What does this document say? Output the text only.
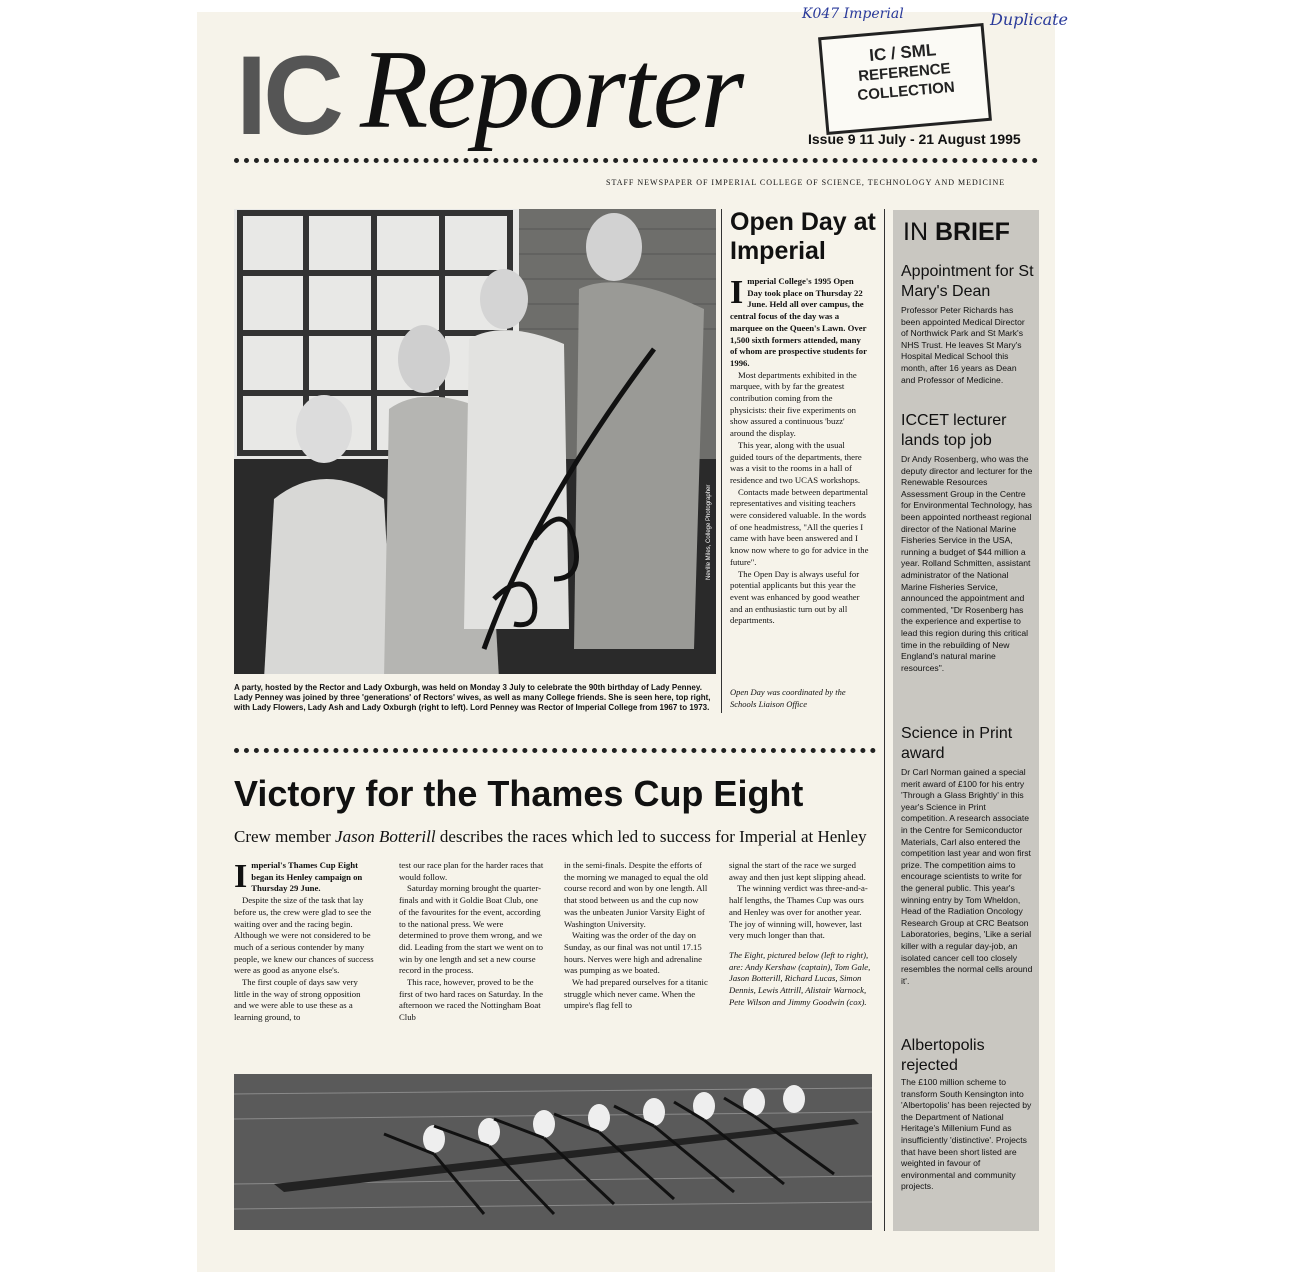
K047 Imperial	Duplicate
IC Reporter	IC / SML
REFERENCE
COLLECTION
Issue 9 11 July - 21 August 1995
STAFF NEWSPAPER OF IMPERIAL COLLEGE OF SCIENCE, TECHNOLOGY AND MEDICINE
Neville Miles, College Photographer
A party, hosted by the Rector and Lady Oxburgh, was held on Monday 3 July to celebrate the 90th birthday of Lady Penney. Lady Penney was joined by three 'generations' of Rectors' wives, as well as many College friends. She is seen here, top right, with Lady Flowers, Lady Ash and Lady Oxburgh (right to left). Lord Penney was Rector of Imperial College from 1967 to 1973.
Open Day at Imperial

Imperial College's 1995 Open Day took place on Thursday 22 June. Held all over campus, the central focus of the day was a marquee on the Queen's Lawn. Over 1,500 sixth formers attended, many of whom are prospective students for 1996.

Most departments exhibited in the marquee, with by far the greatest contribution coming from the physicists: their five experiments on show assured a continuous 'buzz' around the display.

This year, along with the usual guided tours of the departments, there was a visit to the rooms in a hall of residence and two UCAS workshops.

Contacts made between departmental representatives and visiting teachers were considered valuable. In the words of one headmistress, "All the queries I came with have been answered and I know now where to go for advice in the future".

The Open Day is always useful for potential applicants but this year the event was enhanced by good weather and an enthusiastic turn out by all departments.

Open Day was coordinated by the Schools Liaison Office
IN BRIEF
Appointment for St Mary's Dean
Professor Peter Richards has been appointed Medical Director of Northwick Park and St Mark's NHS Trust. He leaves St Mary's Hospital Medical School this month, after 16 years as Dean and Professor of Medicine.
ICCET lecturer lands top job
Dr Andy Rosenberg, who was the deputy director and lecturer for the Renewable Resources Assessment Group in the Centre for Environmental Technology, has been appointed northeast regional director of the National Marine Fisheries Service in the USA, running a budget of $44 million a year. Rolland Schmitten, assistant administrator of the National Marine Fisheries Service, announced the appointment and commented, "Dr Rosenberg has the experience and expertise to lead this region during this critical time in the rebuilding of New England's natural marine resources".
Science in Print award
Dr Carl Norman gained a special merit award of £100 for his entry 'Through a Glass Brightly' in this year's Science in Print competition. A research associate in the Centre for Semiconductor Materials, Carl also entered the competition last year and won first prize. The competition aims to encourage scientists to write for the general public. This year's winning entry by Tom Wheldon, Head of the Radiation Oncology Research Group at CRC Beatson Laboratories, begins, 'Like a serial killer with a regular day-job, an isolated cancer cell too closely resembles the normal cells around it'.
Albertopolis rejected
The £100 million scheme to transform South Kensington into 'Albertopolis' has been rejected by the Department of National Heritage's Millenium Fund as insufficiently 'distinctive'. Projects that have been short listed are weighted in favour of environmental and community projects.
Victory for the Thames Cup Eight
Crew member Jason Botterill describes the races which led to success for Imperial at Henley

Imperial's Thames Cup Eight began its Henley campaign on Thursday 29 June.

Despite the size of the task that lay before us, the crew were glad to see the waiting over and the racing begin. Although we were not considered to be much of a serious contender by many people, we knew our chances of success were as good as anyone else's.

The first couple of days saw very little in the way of strong opposition and we were able to use these as a learning ground, to

test our race plan for the harder races that would follow.

Saturday morning brought the quarter-finals and with it Goldie Boat Club, one of the favourites for the event, according to the national press. We were determined to prove them wrong, and we did. Leading from the start we went on to win by one length and set a new course record in the process.

This race, however, proved to be the first of two hard races on Saturday. In the afternoon we raced the Nottingham Boat Club

in the semi-finals. Despite the efforts of the morning we managed to equal the old course record and won by one length. All that stood between us and the cup now was the unbeaten Junior Varsity Eight of Washington University.

Waiting was the order of the day on Sunday, as our final was not until 17.15 hours. Nerves were high and adrenaline was pumping as we boated.

We had prepared ourselves for a titanic struggle which never came. When the umpire's flag fell to

signal the start of the race we surged away and then just kept slipping ahead.

The winning verdict was three-and-a-half lengths, the Thames Cup was ours and Henley was over for another year. The joy of winning will, however, last very much longer than that.

The Eight, pictured below (left to right), are: Andy Kershaw (captain), Tom Gale, Jason Botterill, Richard Lucas, Simon Dennis, Lewis Attrill, Alistair Warnock, Pete Wilson and Jimmy Goodwin (cox).
